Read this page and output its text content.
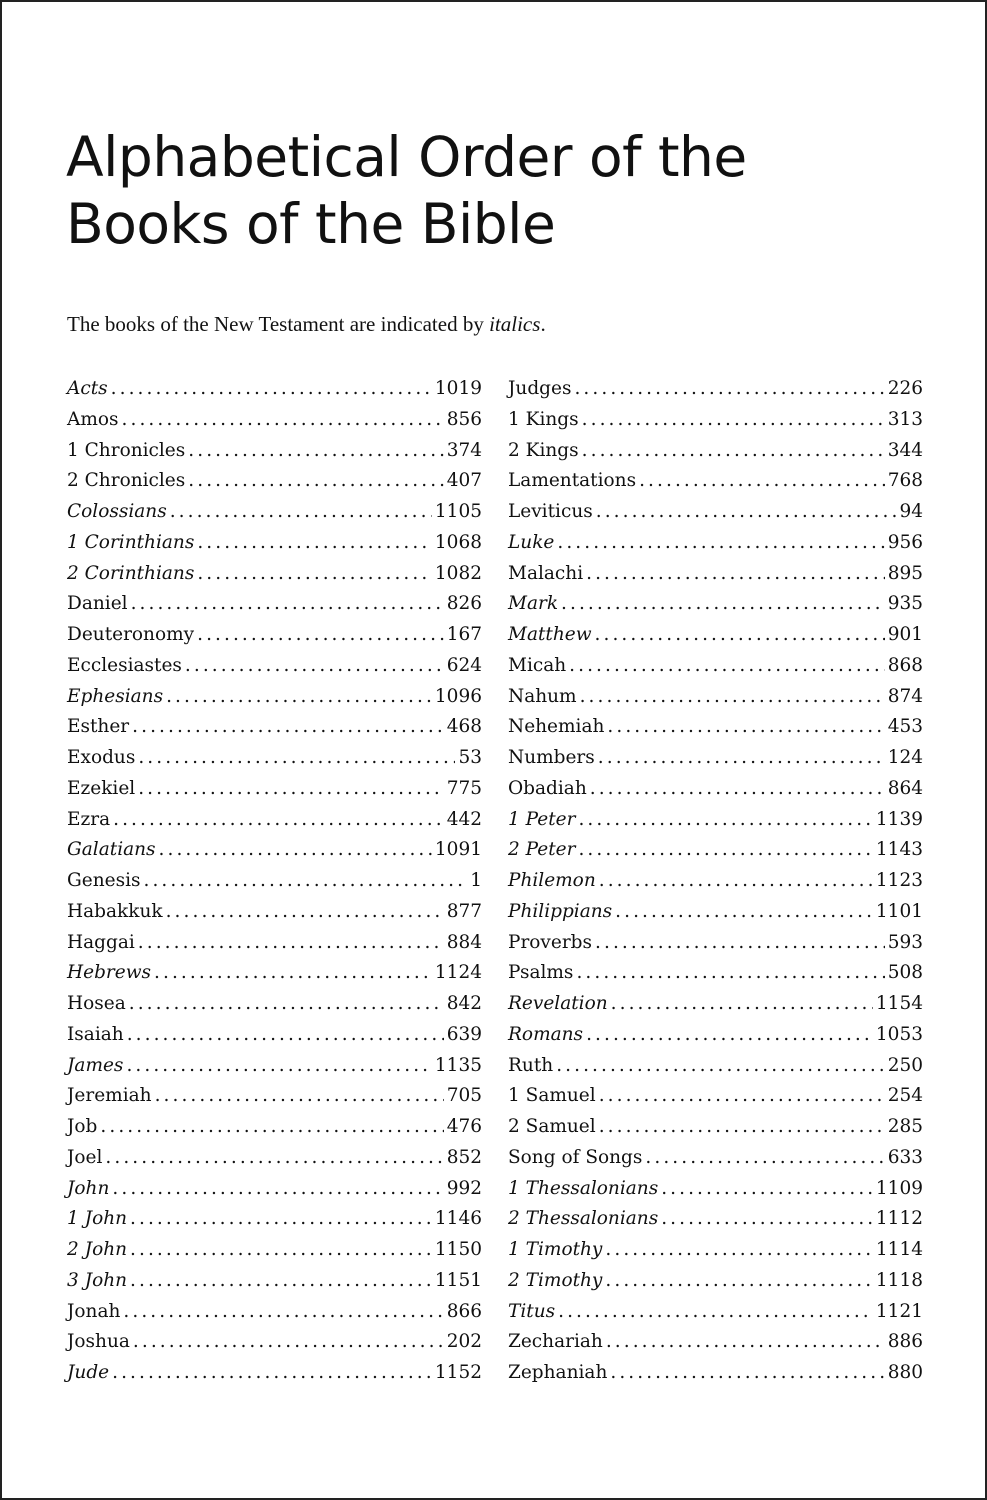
Alphabetical Order of the
Books of the Bible

The books of the New Testament are indicated by italics.

Acts . . .	1019
Amos . . .	856
1 Chronicles . . .	374
2 Chronicles . . .	407
Colossians . . .	1105
1 Corinthians . . .	1068
2 Corinthians . . .	1082
Daniel . . .	826
Deuteronomy . . .	167
Ecclesiastes . . .	624
Ephesians . . .	1096
Esther . . .	468
Exodus . . .	53
Ezekiel . . .	775
Ezra . . .	442
Galatians . . .	1091
Genesis . . .	1
Habakkuk . . .	877
Haggai . . .	884
Hebrews . . .	1124
Hosea . . .	842
Isaiah . . .	639
James . . .	1135
Jeremiah . . .	705
Job . . .	476
Joel . . .	852
John . . .	992
1 John . . .	1146
2 John . . .	1150
3 John . . .	1151
Jonah . . .	866
Joshua . . .	202
Jude . . .	1152
Judges . . .	226
1 Kings . . .	313
2 Kings . . .	344
Lamentations . . .	768
Leviticus . . .	94
Luke . . .	956
Malachi . . .	895
Mark . . .	935
Matthew . . .	901
Micah . . .	868
Nahum . . .	874
Nehemiah . . .	453
Numbers . . .	124
Obadiah . . .	864
1 Peter . . .	1139
2 Peter . . .	1143
Philemon . . .	1123
Philippians . . .	1101
Proverbs . . .	593
Psalms . . .	508
Revelation . . .	1154
Romans . . .	1053
Ruth . . .	250
1 Samuel . . .	254
2 Samuel . . .	285
Song of Songs . . .	633
1 Thessalonians . . .	1109
2 Thessalonians . . .	1112
1 Timothy . . .	1114
2 Timothy . . .	1118
Titus . . .	1121
Zechariah . . .	886
Zephaniah . . .	880
